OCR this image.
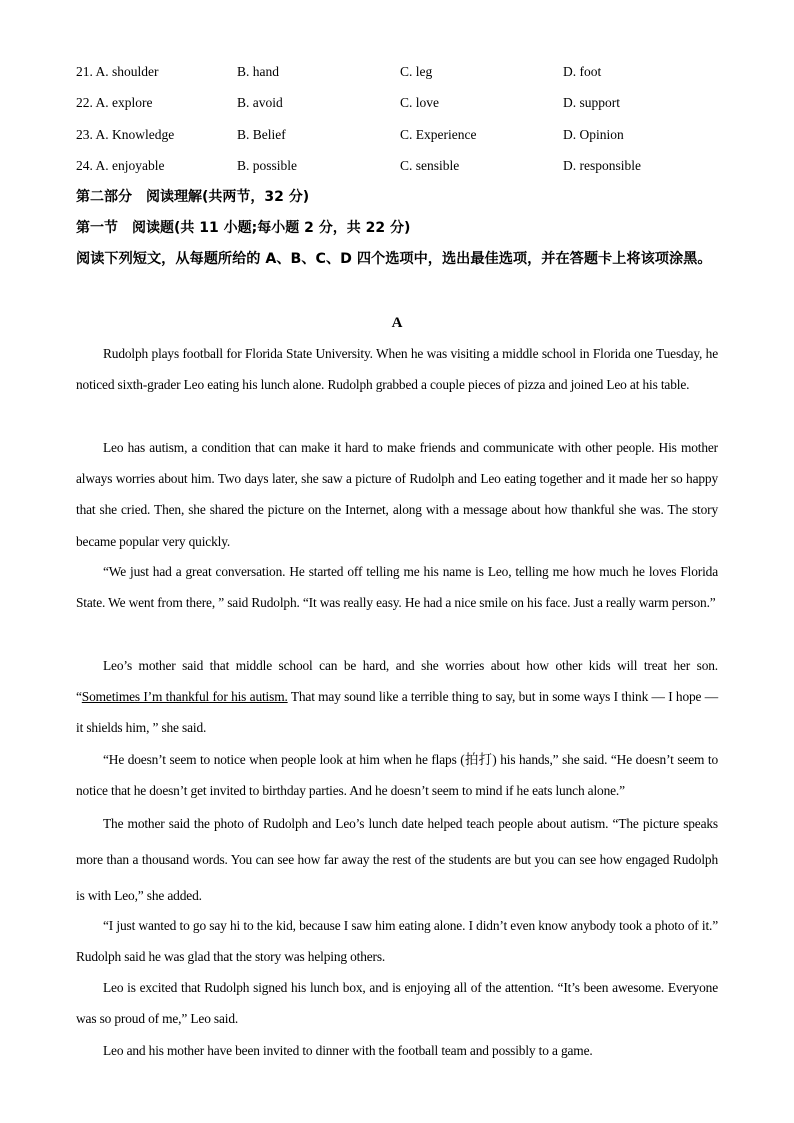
21. A. shoulder	B. hand	C. leg	D. foot
22. A. explore	B. avoid	C. love	D. support
23. A. Knowledge	B. Belief	C. Experience	D. Opinion
24. A. enjoyable	B. possible	C. sensible	D. responsible
第二部分　阅读理解(共两节，32 分)
第一节　阅读题(共 11 小题;每小题 2 分，共 22 分)
阅读下列短文，从每题所给的 A、B、C、D 四个选项中，选出最佳选项，并在答题卡上将该项涂黑。
A
Rudolph plays football for Florida State University. When he was visiting a middle school in Florida one Tuesday, he noticed sixth-grader Leo eating his lunch alone. Rudolph grabbed a couple pieces of pizza and joined Leo at his table.
Leo has autism, a condition that can make it hard to make friends and communicate with other people. His mother always worries about him. Two days later, she saw a picture of Rudolph and Leo eating together and it made her so happy that she cried. Then, she shared the picture on the Internet, along with a message about how thankful she was. The story became popular very quickly.
“We just had a great conversation. He started off telling me his name is Leo, telling me how much he loves Florida State. We went from there, ” said Rudolph. “It was really easy. He had a nice smile on his face. Just a really warm person.”
Leo’s mother said that middle school can be hard, and she worries about how other kids will treat her son. “Sometimes I’m thankful for his autism. That may sound like a terrible thing to say, but in some ways I think — I hope — it shields him, ” she said.
“He doesn’t seem to notice when people look at him when he flaps (拍打) his hands,” she said. “He doesn’t seem to notice that he doesn’t get invited to birthday parties. And he doesn’t seem to mind if he eats lunch alone.”
The mother said the photo of Rudolph and Leo’s lunch date helped teach people about autism. “The picture speaks more than a thousand words. You can see how far away the rest of the students are but you can see how engaged Rudolph is with Leo,” she added.
“I just wanted to go say hi to the kid, because I saw him eating alone. I didn’t even know anybody took a photo of it.” Rudolph said he was glad that the story was helping others.
Leo is excited that Rudolph signed his lunch box, and is enjoying all of the attention. “It’s been awesome. Everyone was so proud of me,” Leo said.
Leo and his mother have been invited to dinner with the football team and possibly to a game.
